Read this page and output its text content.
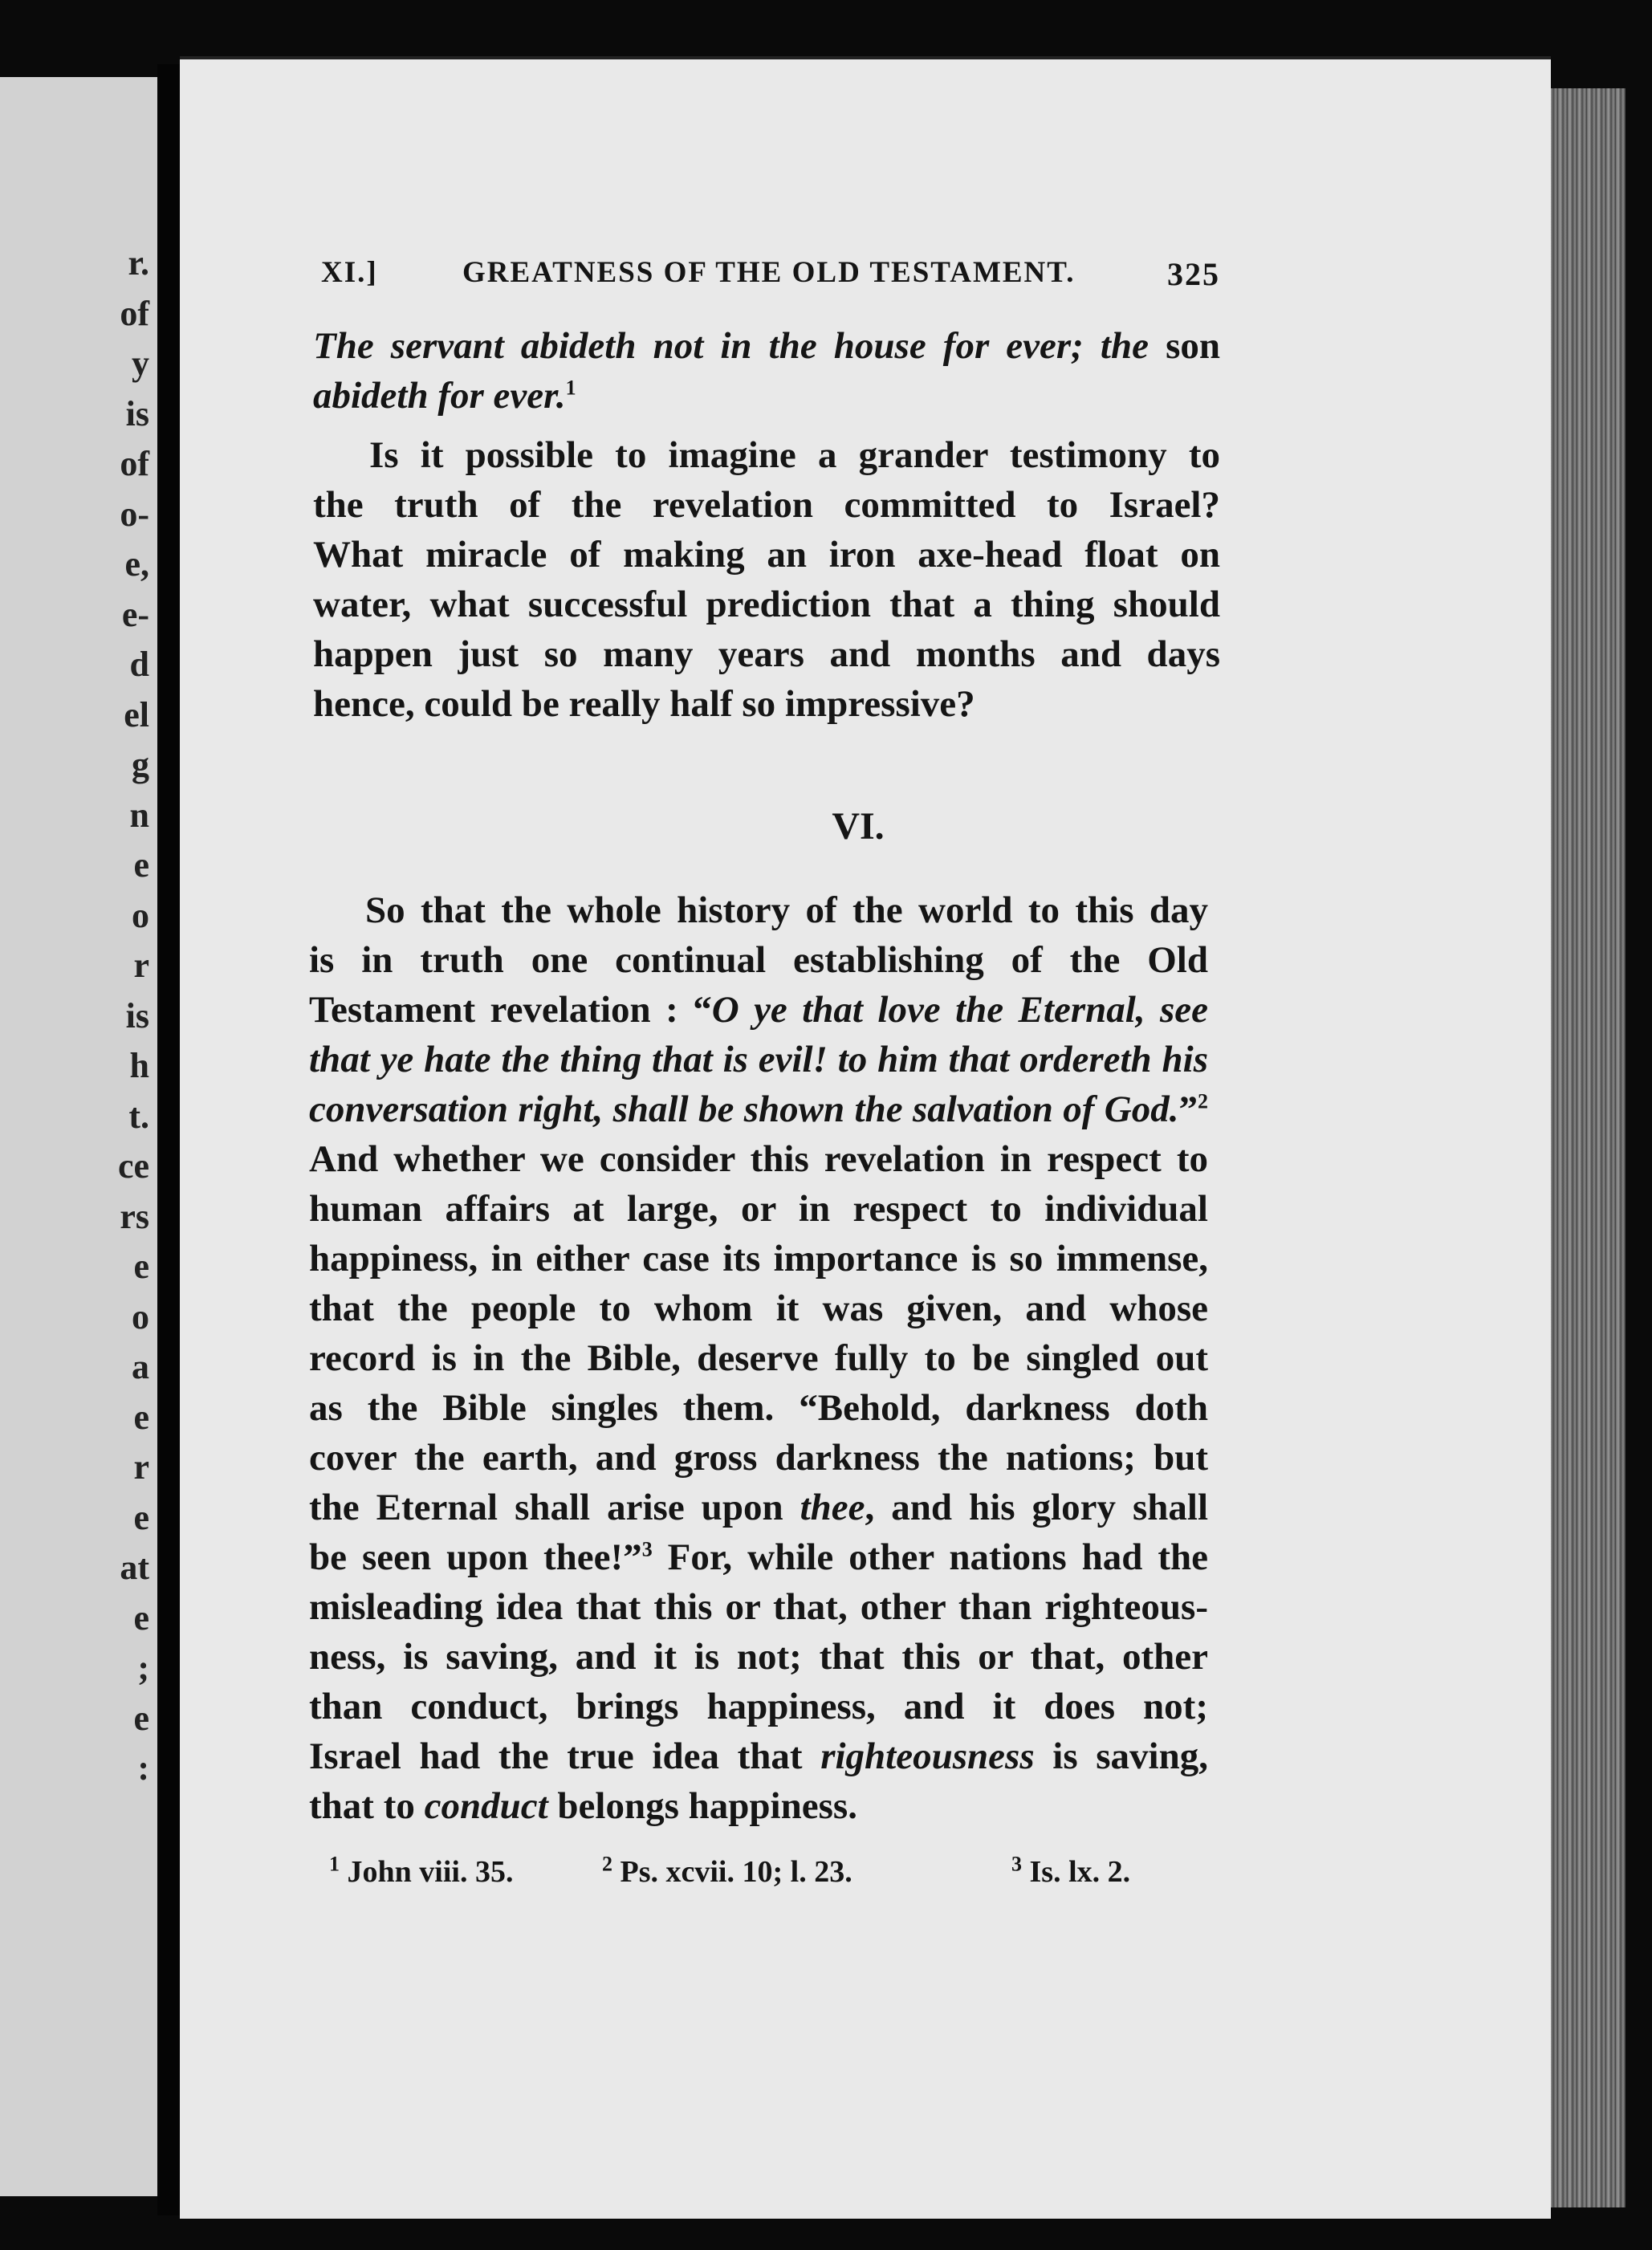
r.
of
y
is
of
o-
e,
e-
d
el
g
n
e
o
r
is
h
t.
ce
rs
e
o
a
e
r
e
at
e
;
e
:
XI.]	GREATNESS OF THE OLD TESTAMENT.	325
The servant abideth not in the house for ever; the son
abideth for ever.$^1$
Is it possible to imagine a grander testimony to
the truth of the revelation committed to Israel?
What miracle of making an iron axe-head float on
water, what successful prediction that a thing should
happen just so many years and months and days
hence, could be really half so impressive?
VI.
So that the whole history of the world to this day
is in truth one continual establishing of the Old
Testament revelation : “O ye that love the Eternal, see
that ye hate the thing that is evil! to him that ordereth his
conversation right, shall be shown the salvation of God.”$^2$
And whether we consider this revelation in respect to
human affairs at large, or in respect to individual
happiness, in either case its importance is so immense,
that the people to whom it was given, and whose
record is in the Bible, deserve fully to be singled out
as the Bible singles them. “Behold, darkness doth
cover the earth, and gross darkness the nations; but
the Eternal shall arise upon thee, and his glory shall
be seen upon thee!”$^3$ For, while other nations had the
misleading idea that this or that, other than righteous-
ness, is saving, and it is not; that this or that, other
than conduct, brings happiness, and it does not;
Israel had the true idea that righteousness is saving,
that to conduct belongs happiness.
$^1$ John viii. 35.	$^2$ Ps. xcvii. 10; l. 23.	$^3$ Is. lx. 2.
